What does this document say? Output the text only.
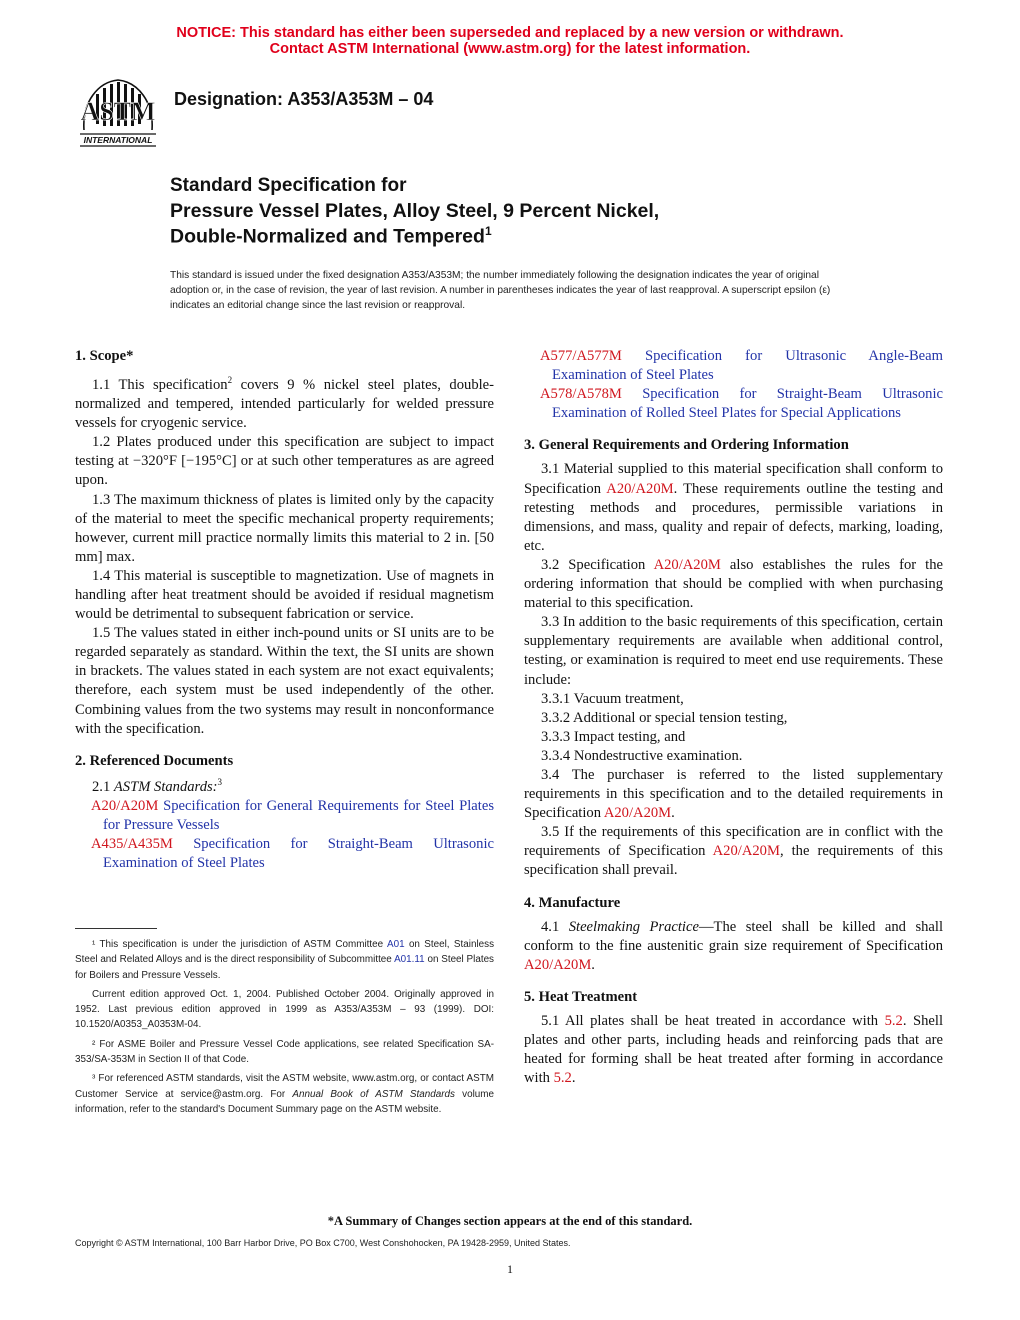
NOTICE: This standard has either been superseded and replaced by a new version or withdrawn.
Contact ASTM International (www.astm.org) for the latest information.
ASTM
INTERNATIONAL
Designation: A353/A353M – 04
Standard Specification for
Pressure Vessel Plates, Alloy Steel, 9 Percent Nickel,
Double-Normalized and Tempered$^1$
This standard is issued under the fixed designation A353/A353M; the number immediately following the designation indicates the year of original adoption or, in the case of revision, the year of last revision. A number in parentheses indicates the year of last reapproval. A superscript epsilon (ε) indicates an editorial change since the last revision or reapproval.
1. Scope*

1.1 This specification$^2$ covers 9 % nickel steel plates, double-normalized and tempered, intended particularly for welded pressure vessels for cryogenic service.

1.2 Plates produced under this specification are subject to impact testing at −320°F [−195°C] or at such other temperatures as are agreed upon.

1.3 The maximum thickness of plates is limited only by the capacity of the material to meet the specific mechanical property requirements; however, current mill practice normally limits this material to 2 in. [50 mm] max.

1.4 This material is susceptible to magnetization. Use of magnets in handling after heat treatment should be avoided if residual magnetism would be detrimental to subsequent fabrication or service.

1.5 The values stated in either inch-pound units or SI units are to be regarded separately as standard. Within the text, the SI units are shown in brackets. The values stated in each system are not exact equivalents; therefore, each system must be used independently of the other. Combining values from the two systems may result in nonconformance with the specification.

2. Referenced Documents

2.1 ASTM Standards:$^3$

A20/A20M Specification for General Requirements for Steel Plates for Pressure Vessels

A435/A435M Specification for Straight-Beam Ultrasonic Examination of Steel Plates

¹ This specification is under the jurisdiction of ASTM Committee A01 on Steel, Stainless Steel and Related Alloys and is the direct responsibility of Subcommittee A01.11 on Steel Plates for Boilers and Pressure Vessels.

Current edition approved Oct. 1, 2004. Published October 2004. Originally approved in 1952. Last previous edition approved in 1999 as A353/A353M – 93 (1999). DOI: 10.1520/A0353_A0353M-04.

² For ASME Boiler and Pressure Vessel Code applications, see related Specification SA-353/SA-353M in Section II of that Code.

³ For referenced ASTM standards, visit the ASTM website, www.astm.org, or contact ASTM Customer Service at service@astm.org. For Annual Book of ASTM Standards volume information, refer to the standard's Document Summary page on the ASTM website.

A577/A577M Specification for Ultrasonic Angle-Beam Examination of Steel Plates

A578/A578M Specification for Straight-Beam Ultrasonic Examination of Rolled Steel Plates for Special Applications

3. General Requirements and Ordering Information

3.1 Material supplied to this material specification shall conform to Specification A20/A20M. These requirements outline the testing and retesting methods and procedures, permissible variations in dimensions, and mass, quality and repair of defects, marking, loading, etc.

3.2 Specification A20/A20M also establishes the rules for the ordering information that should be complied with when purchasing material to this specification.

3.3 In addition to the basic requirements of this specification, certain supplementary requirements are available when additional control, testing, or examination is required to meet end use requirements. These include:

3.3.1 Vacuum treatment,

3.3.2 Additional or special tension testing,

3.3.3 Impact testing, and

3.3.4 Nondestructive examination.

3.4 The purchaser is referred to the listed supplementary requirements in this specification and to the detailed requirements in Specification A20/A20M.

3.5 If the requirements of this specification are in conflict with the requirements of Specification A20/A20M, the requirements of this specification shall prevail.

4. Manufacture

4.1 Steelmaking Practice—The steel shall be killed and shall conform to the fine austenitic grain size requirement of Specification A20/A20M.

5. Heat Treatment

5.1 All plates shall be heat treated in accordance with 5.2. Shell plates and other parts, including heads and reinforcing pads that are heated for forming shall be heat treated after forming in accordance with 5.2.

*A Summary of Changes section appears at the end of this standard.
Copyright © ASTM International, 100 Barr Harbor Drive, PO Box C700, West Conshohocken, PA 19428-2959, United States.
1
